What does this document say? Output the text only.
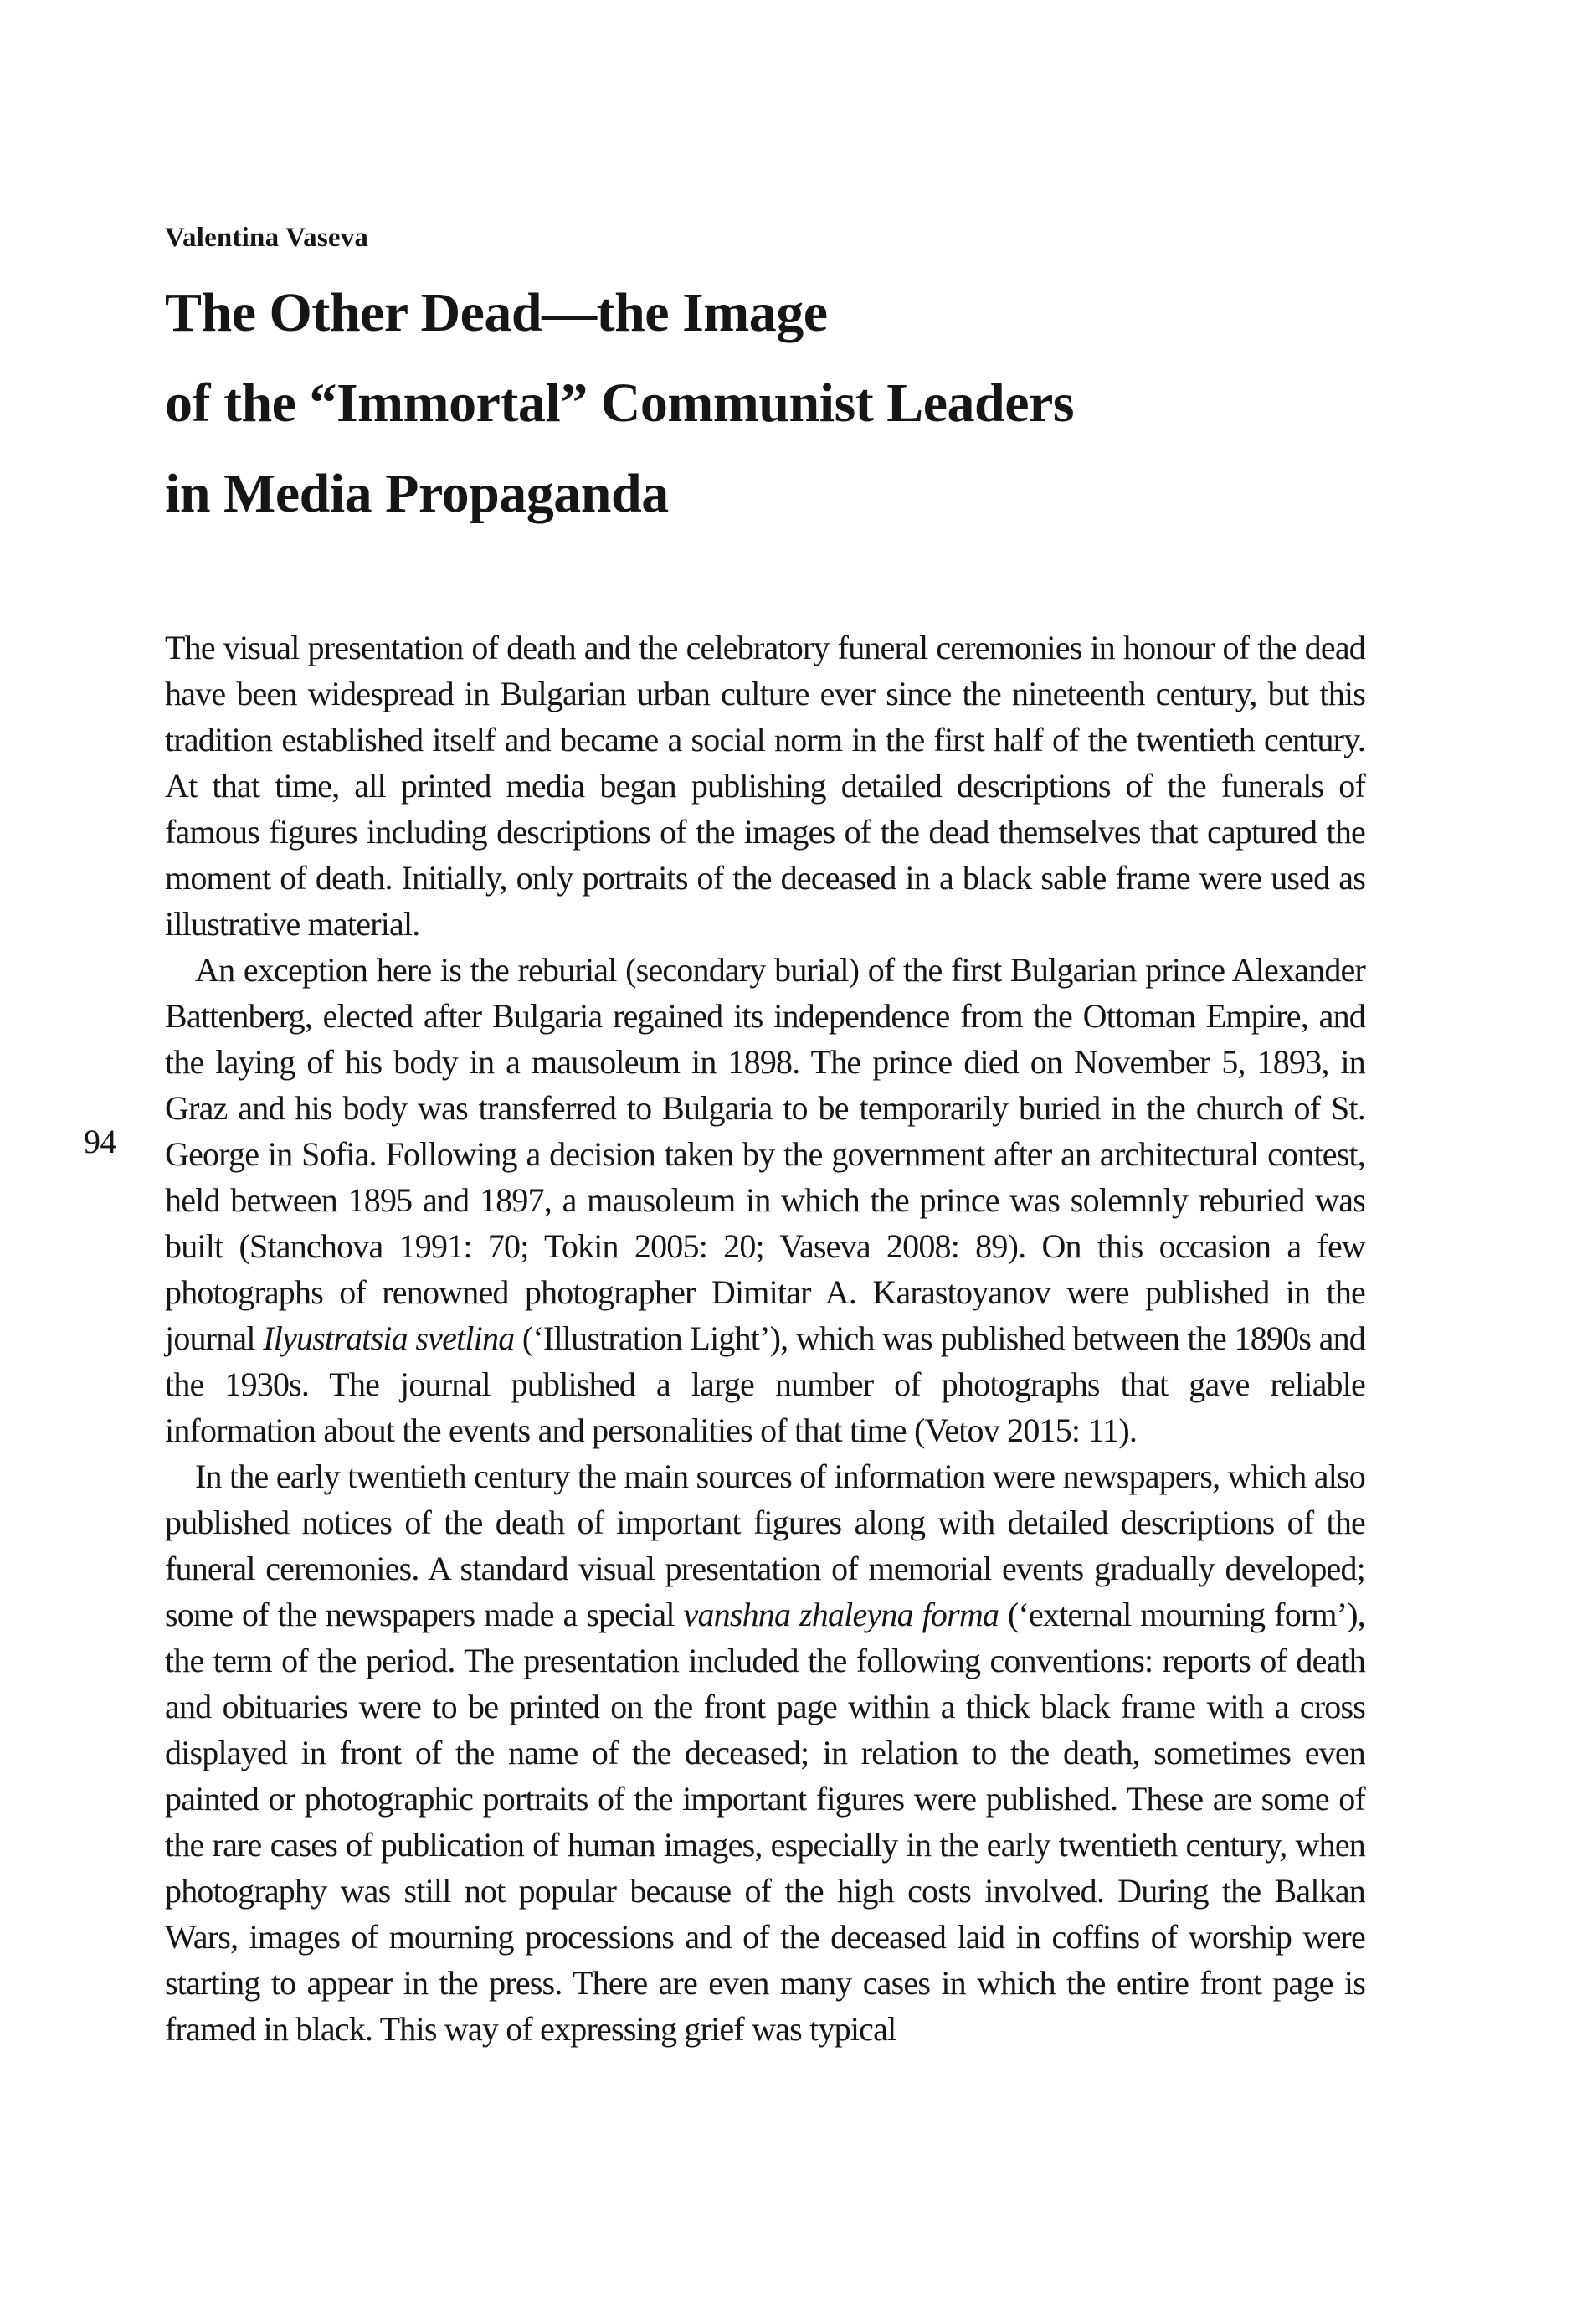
94
Valentina Vaseva
The Other Dead—the Image
of the “Immortal” Communist Leaders
in Media Propaganda

The visual presentation of death and the celebratory funeral ceremonies in honour of the dead have been widespread in Bulgarian urban culture ever since the nineteenth century, but this tradition established itself and became a social norm in the first half of the twentieth century. At that time, all printed media began publishing detailed descriptions of the funerals of famous figures including descriptions of the images of the dead themselves that captured the moment of death. Initially, only portraits of the deceased in a black sable frame were used as illustrative material.

An exception here is the reburial (secondary burial) of the first Bulgarian prince Alexander Battenberg, elected after Bulgaria regained its independence from the Ottoman Empire, and the laying of his body in a mausoleum in 1898. The prince died on November 5, 1893, in Graz and his body was transferred to Bulgaria to be temporarily buried in the church of St. George in Sofia. Following a decision taken by the government after an architectural contest, held between 1895 and 1897, a mausoleum in which the prince was solemnly reburied was built (Stanchova 1991: 70; Tokin 2005: 20; Vaseva 2008: 89). On this occasion a few photographs of renowned photographer Dimitar A. Karastoyanov were published in the journal Ilyustratsia svetlina (‘Illustration Light’), which was published between the 1890s and the 1930s. The journal published a large number of photographs that gave reliable information about the events and personalities of that time (Vetov 2015: 11).

In the early twentieth century the main sources of information were newspapers, which also published notices of the death of important figures along with detailed descriptions of the funeral ceremonies. A standard visual presentation of memorial events gradually developed; some of the newspapers made a special vanshna zhaleyna forma (‘external mourning form’), the term of the period. The presentation included the following conventions: reports of death and obituaries were to be printed on the front page within a thick black frame with a cross displayed in front of the name of the deceased; in relation to the death, sometimes even painted or photographic portraits of the important figures were published. These are some of the rare cases of publication of human images, especially in the early twentieth century, when photography was still not popular because of the high costs involved. During the Balkan Wars, images of mourning processions and of the deceased laid in coffins of worship were starting to appear in the press. There are even many cases in which the entire front page is framed in black. This way of expressing grief was typical
